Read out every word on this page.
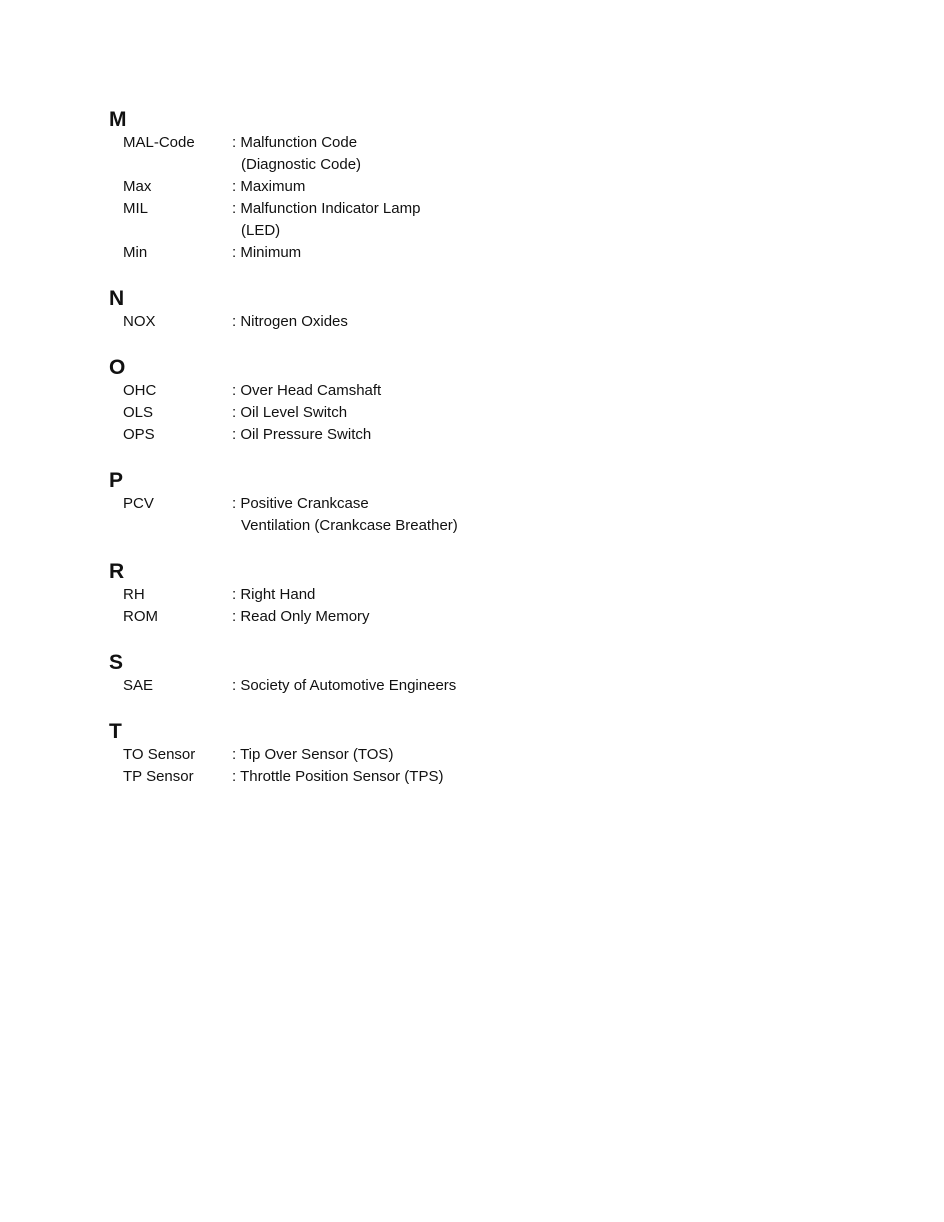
M
MAL-Code	: Malfunction Code
(Diagnostic Code)
Max	: Maximum
MIL	: Malfunction Indicator Lamp
(LED)
Min	: Minimum
N
NOX	: Nitrogen Oxides
O
OHC	: Over Head Camshaft
OLS	: Oil Level Switch
OPS	: Oil Pressure Switch
P
PCV	: Positive Crankcase
Ventilation (Crankcase Breather)
R
RH	: Right Hand
ROM	: Read Only Memory
S
SAE	: Society of Automotive Engineers
T
TO Sensor	: Tip Over Sensor (TOS)
TP Sensor	: Throttle Position Sensor (TPS)
